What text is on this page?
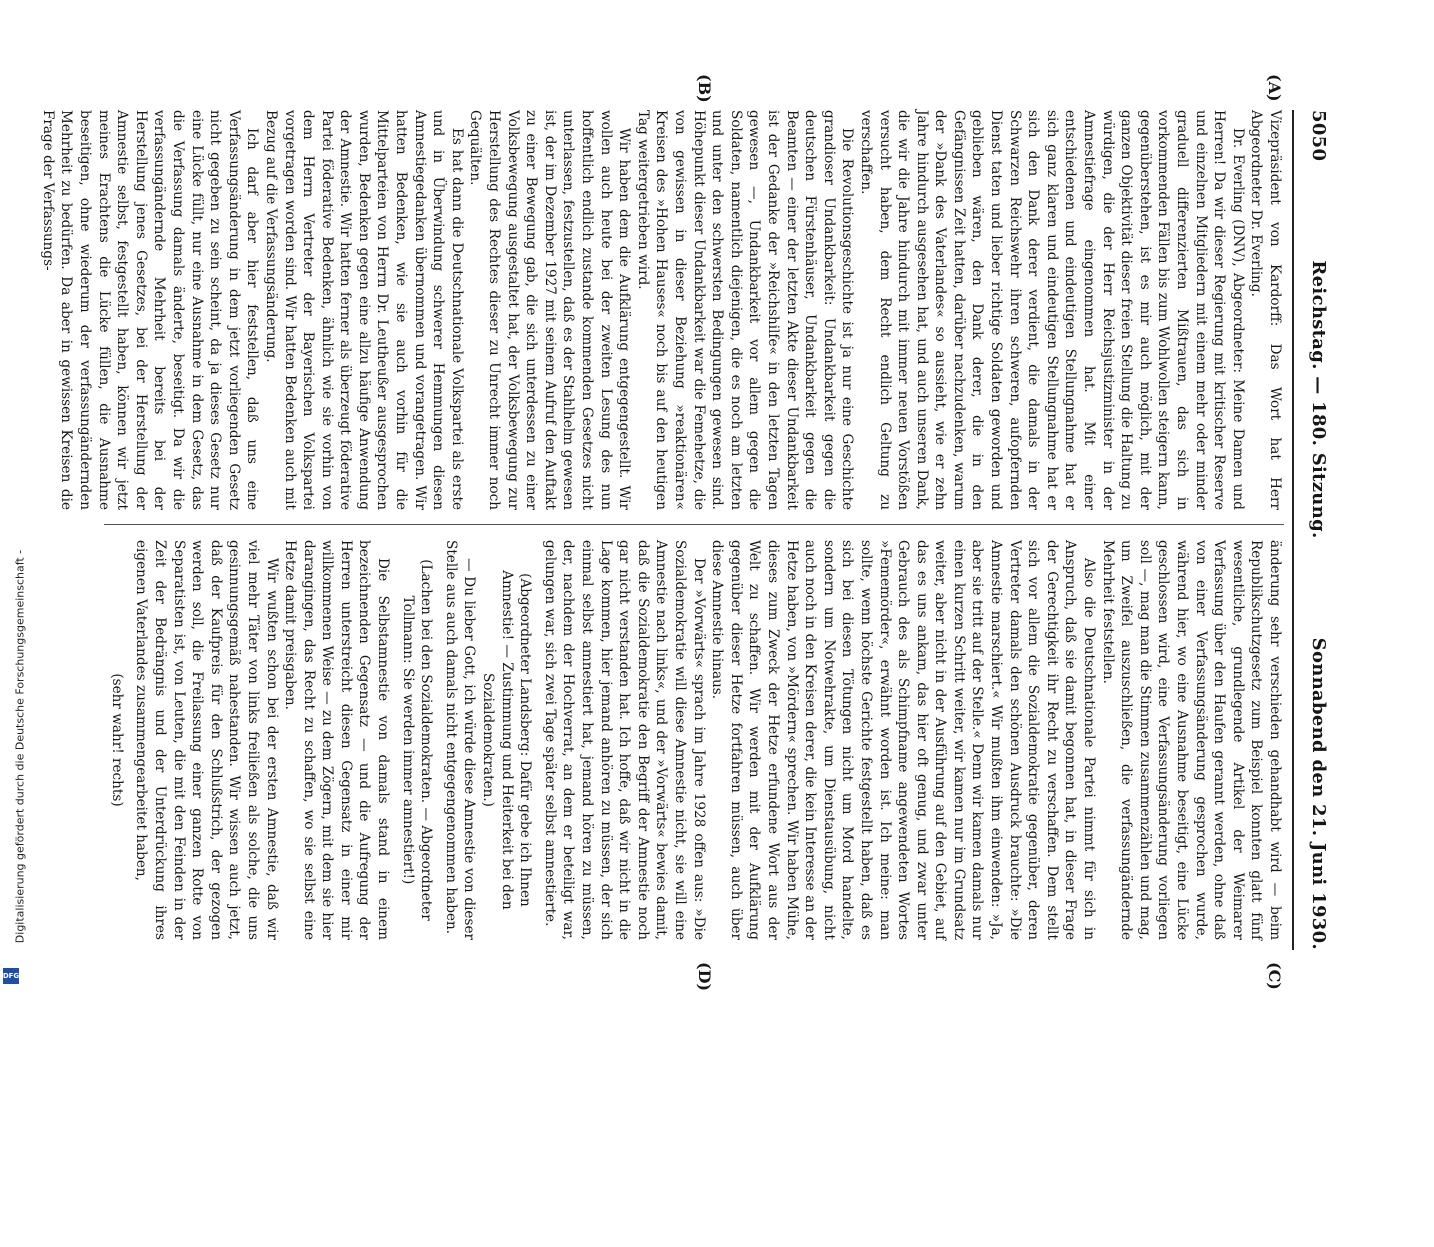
5050
Reichstag. — 180. Sitzung.
Sonnabend den 21. Juni 1930.
(A)
(B)
(C)
(D)

Vizepräsident von Kardorff: Das Wort hat Herr Abgeordneter Dr. Everling.

Dr. Everling (DNV), Abgeordneter: Meine Damen und Herren! Da wir dieser Regierung mit kritischer Reserve und einzelnen Mitgliedern mit einem mehr oder minder graduell differenzierten Mißtrauen, das sich in vorkommenden Fällen bis zum Wohlwollen steigern kann, gegenüberstehen, ist es mir auch möglich, mit der ganzen Objektivität dieser freien Stellung die Haltung zu würdigen, die der Herr Reichsjustizminister in der Amnestiefrage eingenommen hat. Mit einer entschiedenen und eindeutigen Stellungnahme hat er sich ganz klaren und eindeutigen Stellungnahme hat er sich den Dank derer verdient, die damals in der Schwarzen Reichswehr ihren schweren, aufopfernden Dienst taten und lieber richtige Soldaten geworden und geblieben wären, den Dank derer, die in den Gefängnissen Zeit hatten, darüber nachzudenken, warum der »Dank des Vaterlandes« so aussieht, wie er zehn Jahre hindurch ausgesehen hat, und auch unseren Dank, die wir die Jahre hindurch mit immer neuen Vorstößen versucht haben, dem Recht endlich Geltung zu verschaffen.

Die Revolutionsgeschichte ist ja nur eine Geschichte grandioser Undankbarkeit: Undankbarkeit gegen die deutschen Fürstenhäuser, Undankbarkeit gegen die Beamten — einer der letzten Akte dieser Undankbarkeit ist der Gedanke der »Reichshilfe« in den letzten Tagen gewesen —, Undankbarkeit vor allem gegen die Soldaten, namentlich diejenigen, die es noch am letzten und unter den schwersten Bedingungen gewesen sind. Höhepunkt dieser Undankbarkeit war die Femehetze, die von gewissen in dieser Beziehung »reaktionären« Kreisen des »Hohen Hauses« noch bis auf den heutigen Tag weitergetrieben wird.

Wir haben dem die Aufklärung entgegengestellt. Wir wollen auch heute bei der zweiten Lesung des nun hoffentlich endlich zustande kommenden Gesetzes nicht unterlassen, festzustellen, daß es der Stahlhelm gewesen ist, der im Dezember 1927 mit seinem Aufruf den Auftakt zu einer Bewegung gab, die sich unterdessen zu einer Volksbewegung ausgestaltet hat, der Volksbewegung zur Herstellung des Rechtes dieser zu Unrecht immer noch Gequälten.

Es hat dann die Deutschnationale Volkspartei als erste und in Überwindung schwerer Hemmungen diesen Amnestiegedanken übernommen und vorangetragen. Wir hatten Bedenken, wie sie auch vorhin für die Mittelparteien von Herrn Dr. Leutheußer ausgesprochen wurden, Bedenken gegen eine allzu häufige Anwendung der Amnestie. Wir hatten ferner als überzeugt föderative Partei föderative Bedenken, ähnlich wie sie vorhin von dem Herrn Vertreter der Bayerischen Volkspartei vorgetragen worden sind. Wir hatten Bedenken auch mit Bezug auf die Verfassungsänderung.

Ich darf aber hier feststellen, daß uns eine Verfassungsänderung in dem jetzt vorliegenden Gesetz nicht gegeben zu sein scheint, da ja dieses Gesetz nur eine Lücke füllt, nur eine Ausnahme in dem Gesetz, das die Verfassung damals änderte, beseitigt. Da wir die verfassungändernde Mehrheit bereits bei der Herstellung jenes Gesetzes, bei der Herstellung der Amnestie selbst, festgestellt haben, können wir jetzt meines Erachtens die Lücke füllen, die Ausnahme beseitigen, ohne wiederum der verfassungändernden Mehrheit zu bedürfen. Da aber in gewissen Kreisen die Frage der Verfassungs-

änderung sehr verschieden gehandhabt wird — beim Republikschutzgesetz zum Beispiel konnten glatt fünf wesentliche, grundlegende Artikel der Weimarer Verfassung über den Haufen gerannt werden, ohne daß von einer Verfassungsänderung gesprochen wurde, während hier, wo eine Ausnahme beseitigt, eine Lücke geschlossen wird, eine Verfassungsänderung vorliegen soll —, mag man die Stimmen zusammenzählen und mag, um Zweifel auszuschließen, die verfassungändernde Mehrheit feststellen.

Also die Deutschnationale Partei nimmt für sich in Anspruch, daß sie damit begonnen hat, in dieser Frage der Gerechtigkeit ihr Recht zu verschaffen. Dem stellt sich vor allem die Sozialdemokratie gegenüber, deren Vertreter damals den schönen Ausdruck brauchte: »Die Amnestie marschiert.« Wir mußten ihm einwenden: »Ja, aber sie tritt auf der Stelle.« Denn wir kamen damals nur einen kurzen Schritt weiter, wir kamen nur im Grundsatz weiter, aber nicht in der Ausführung auf den Gebiet, auf das es uns ankam, das hier oft genug, und zwar unter Gebrauch des als Schimpfname angewendeten Wortes »Fememörder«, erwähnt worden ist. Ich meine: man sollte, wenn höchste Gerichte festgestellt haben, daß es sich bei diesen Tötungen nicht um Mord handelte, sondern um Notwehrakte, um Dienstausübung, nicht auch noch in den Kreisen derer, die kein Interesse an der Hetze haben, von »Mördern« sprechen. Wir haben Mühe, dieses zum Zweck der Hetze erfundene Wort aus der Welt zu schaffen. Wir werden mit der Aufklärung gegenüber dieser Hetze fortfahren müssen, auch über diese Amnestie hinaus.

Der »Vorwärts« sprach im Jahre 1928 offen aus: »Die Sozialdemokratie will diese Amnestie nicht, sie will eine Amnestie nach links«, und der »Vorwärts« bewies damit, daß die Sozialdemokratie den Begriff der Amnestie noch gar nicht verstanden hat. Ich hoffe, daß wir nicht in die Lage kommen, hier jemand anhören zu müssen, der sich einmal selbst amnestiert hat, jemand hören zu müssen, der, nachdem der Hochverrat, an dem er beteiligt war, gelungen war, sich zwei Tage später selbst amnestierte.

(Abgeordneter Landsberg: Dafür gebe ich Ihnen Amnestie! — Zustimmung und Heiterkeit bei den Sozialdemokraten.)

— Du lieber Gott, ich würde diese Amnestie von dieser Stelle aus auch damals nicht entgegengenommen haben.

(Lachen bei den Sozialdemokraten. — Abgeordneter Tollmann: Sie werden immer amnestiert!)

Die Selbstamnestie von damals stand in einem bezeichnenden Gegensatz — und die Aufregung der Herren unterstreicht diesen Gegensatz in einer mir willkommenen Weise — zu dem Zögern, mit dem sie hier darangingen, das Recht zu schaffen, wo sie selbst eine Hetze damit preisgaben.

Wir wußten schon bei der ersten Amnestie, daß wir viel mehr Täter von links freiließen als solche, die uns gesinnungsgemäß nahestanden. Wir wissen auch jetzt, daß der Kaufpreis für den Schlußstrich, der gezogen werden soll, die Freilassung einer ganzen Rotte von Separatisten ist, von Leuten, die mit den Feinden in der Zeit der Bedrängnis und der Unterdrückung ihres eigenen Vaterlandes zusammengearbeitet haben,

(sehr wahr! rechts)

Digitalisierung gefördert durch die Deutsche Forschungsgemeinschaft -
DFG
